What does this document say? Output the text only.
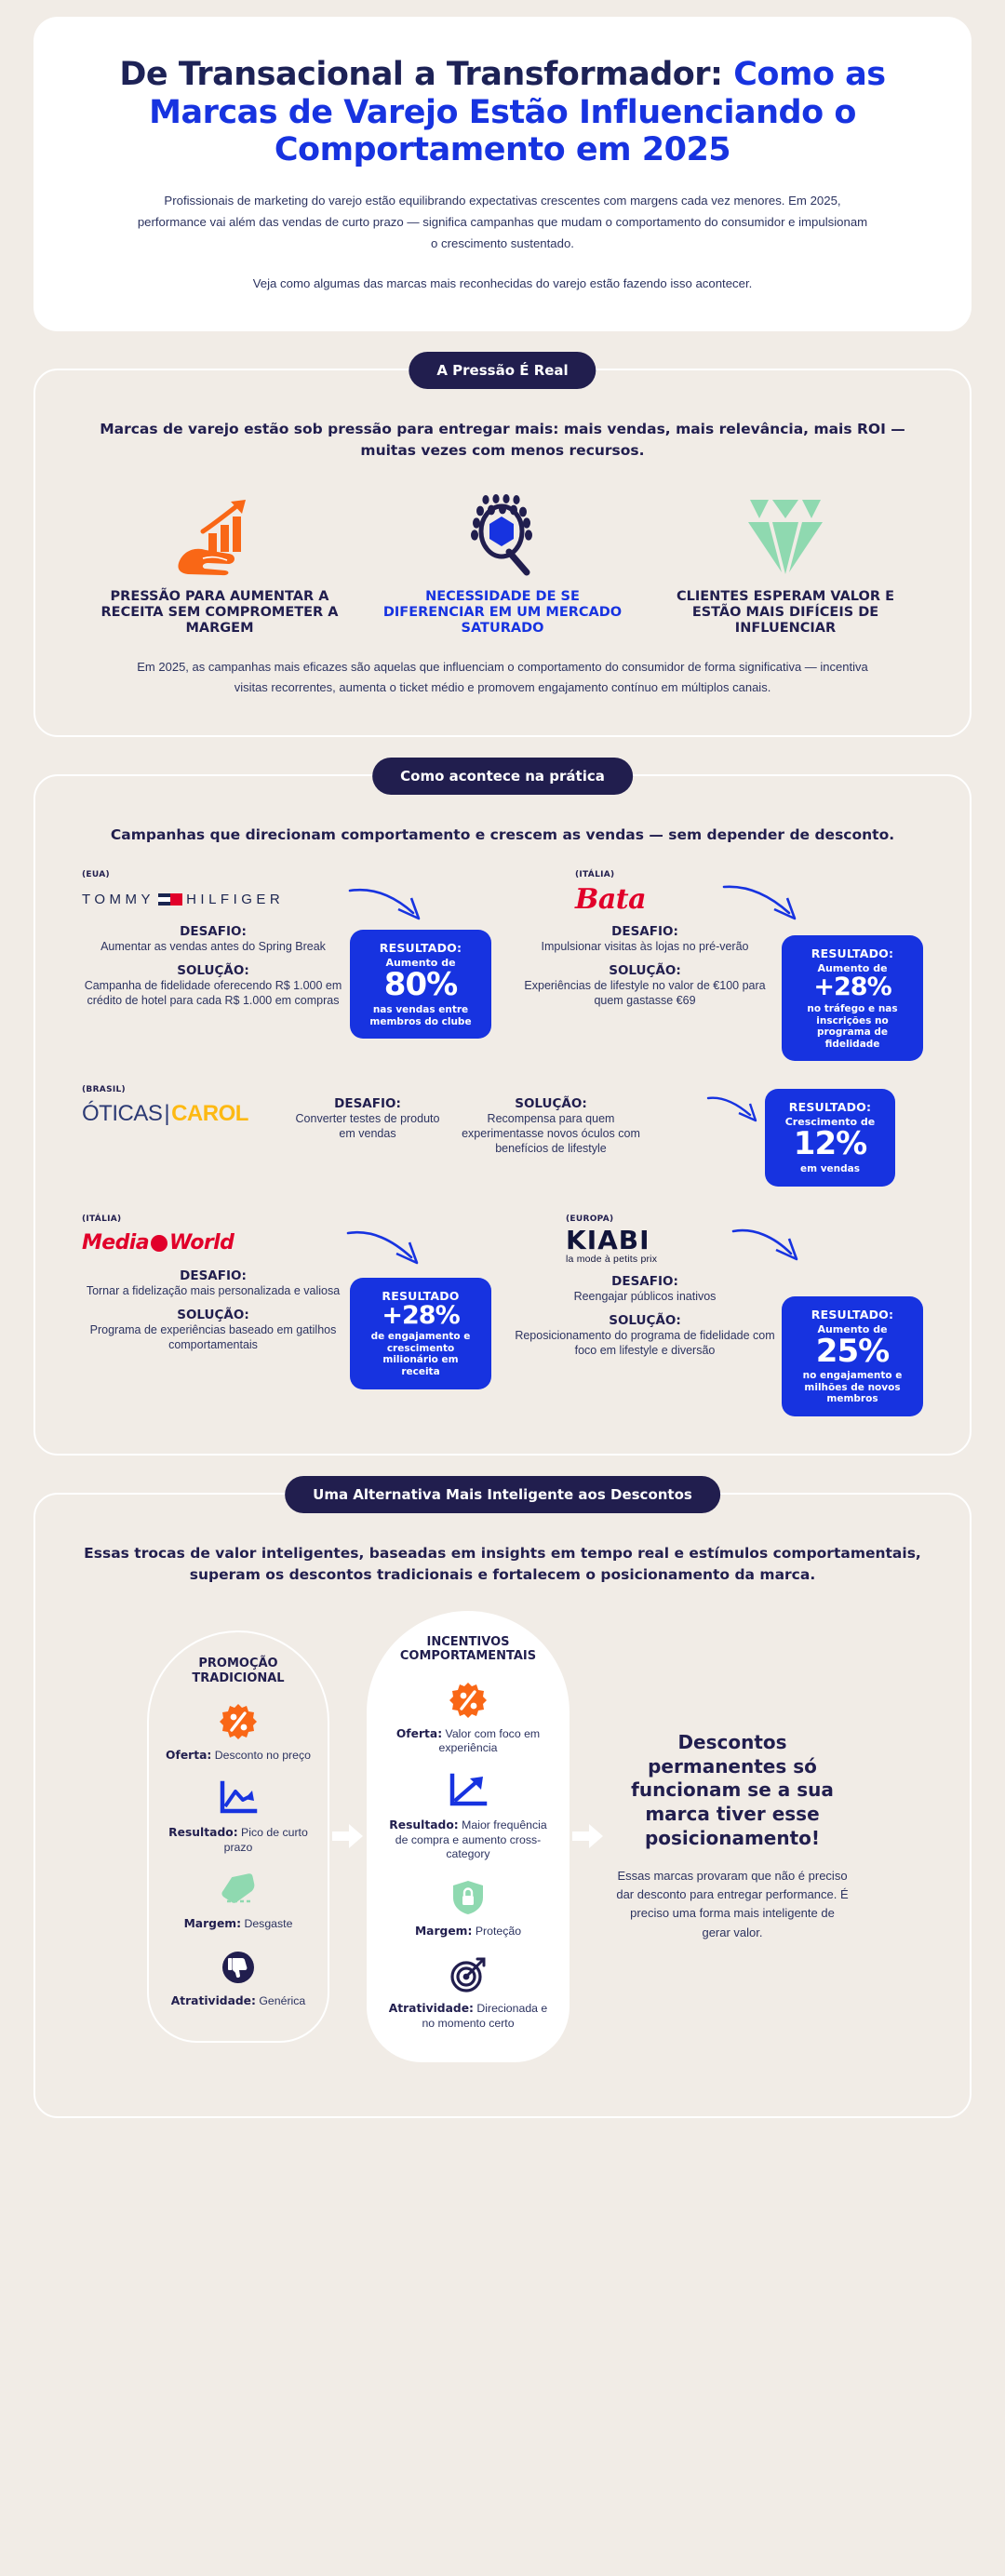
De Transacional a Transformador: Como as Marcas de Varejo Estão Influenciando o Comportamento em 2025

Profissionais de marketing do varejo estão equilibrando expectativas crescentes com margens cada vez menores. Em 2025, performance vai além das vendas de curto prazo — significa campanhas que mudam o comportamento do consumidor e impulsionam o crescimento sustentado.

Veja como algumas das marcas mais reconhecidas do varejo estão fazendo isso acontecer.

A Pressão É Real
Marcas de varejo estão sob pressão para entregar mais: mais vendas, mais relevância, mais ROI — muitas vezes com menos recursos.
PRESSÃO PARA AUMENTAR A RECEITA SEM COMPROMETER A MARGEM
NECESSIDADE DE SE DIFERENCIAR EM UM MERCADO SATURADO
CLIENTES ESPERAM VALOR E ESTÃO MAIS DIFÍCEIS DE INFLUENCIAR
Em 2025, as campanhas mais eficazes são aquelas que influenciam o comportamento do consumidor de forma significativa — incentiva visitas recorrentes, aumenta o ticket médio e promovem engajamento contínuo em múltiplos canais.
Como acontece na prática
Campanhas que direcionam comportamento e crescem as vendas — sem depender de desconto.
(EUA)
TOMMY HILFIGER
DESAFIO:
Aumentar as vendas antes do Spring Break
SOLUÇÃO:
Campanha de fidelidade oferecendo R$ 1.000 em crédito de hotel para cada R$ 1.000 em compras
RESULTADO:
Aumento de
80%
nas vendas entre membros do clube
(ITÁLIA)
Bata
DESAFIO:
Impulsionar visitas às lojas no pré-verão
SOLUÇÃO:
Experiências de lifestyle no valor de €100 para quem gastasse €69
RESULTADO:
Aumento de
+28%
no tráfego e nas inscrições no programa de fidelidade
(BRASIL)
ÓTICAS | CAROL	DESAFIO:
Converter testes de produto em vendas
SOLUÇÃO:
Recompensa para quem experimentasse novos óculos com benefícios de lifestyle
RESULTADO:
Crescimento de
12%
em vendas
(ITÁLIA)
Media World
DESAFIO:
Tornar a fidelização mais personalizada e valiosa
SOLUÇÃO:
Programa de experiências baseado em gatilhos comportamentais
RESULTADO
+28%
de engajamento e crescimento milionário em receita
(EUROPA)
KIABI
la mode à petits prix
DESAFIO:
Reengajar públicos inativos
SOLUÇÃO:
Reposicionamento do programa de fidelidade com foco em lifestyle e diversão
RESULTADO:
Aumento de
25%
no engajamento e milhões de novos membros
Uma Alternativa Mais Inteligente aos Descontos
Essas trocas de valor inteligentes, baseadas em insights em tempo real e estímulos comportamentais, superam os descontos tradicionais e fortalecem o posicionamento da marca.
PROMOÇÃO TRADICIONAL
Oferta: Desconto no preço
Resultado: Pico de curto prazo
Margem: Desgaste
Atratividade: Genérica
INCENTIVOS COMPORTAMENTAIS
Oferta: Valor com foco em experiência
Resultado: Maior frequência de compra e aumento cross-category
Margem: Proteção
Atratividade: Direcionada e no momento certo
Descontos permanentes só funcionam se a sua marca tiver esse posicionamento!

Essas marcas provaram que não é preciso dar desconto para entregar performance. É preciso uma forma mais inteligente de gerar valor.
